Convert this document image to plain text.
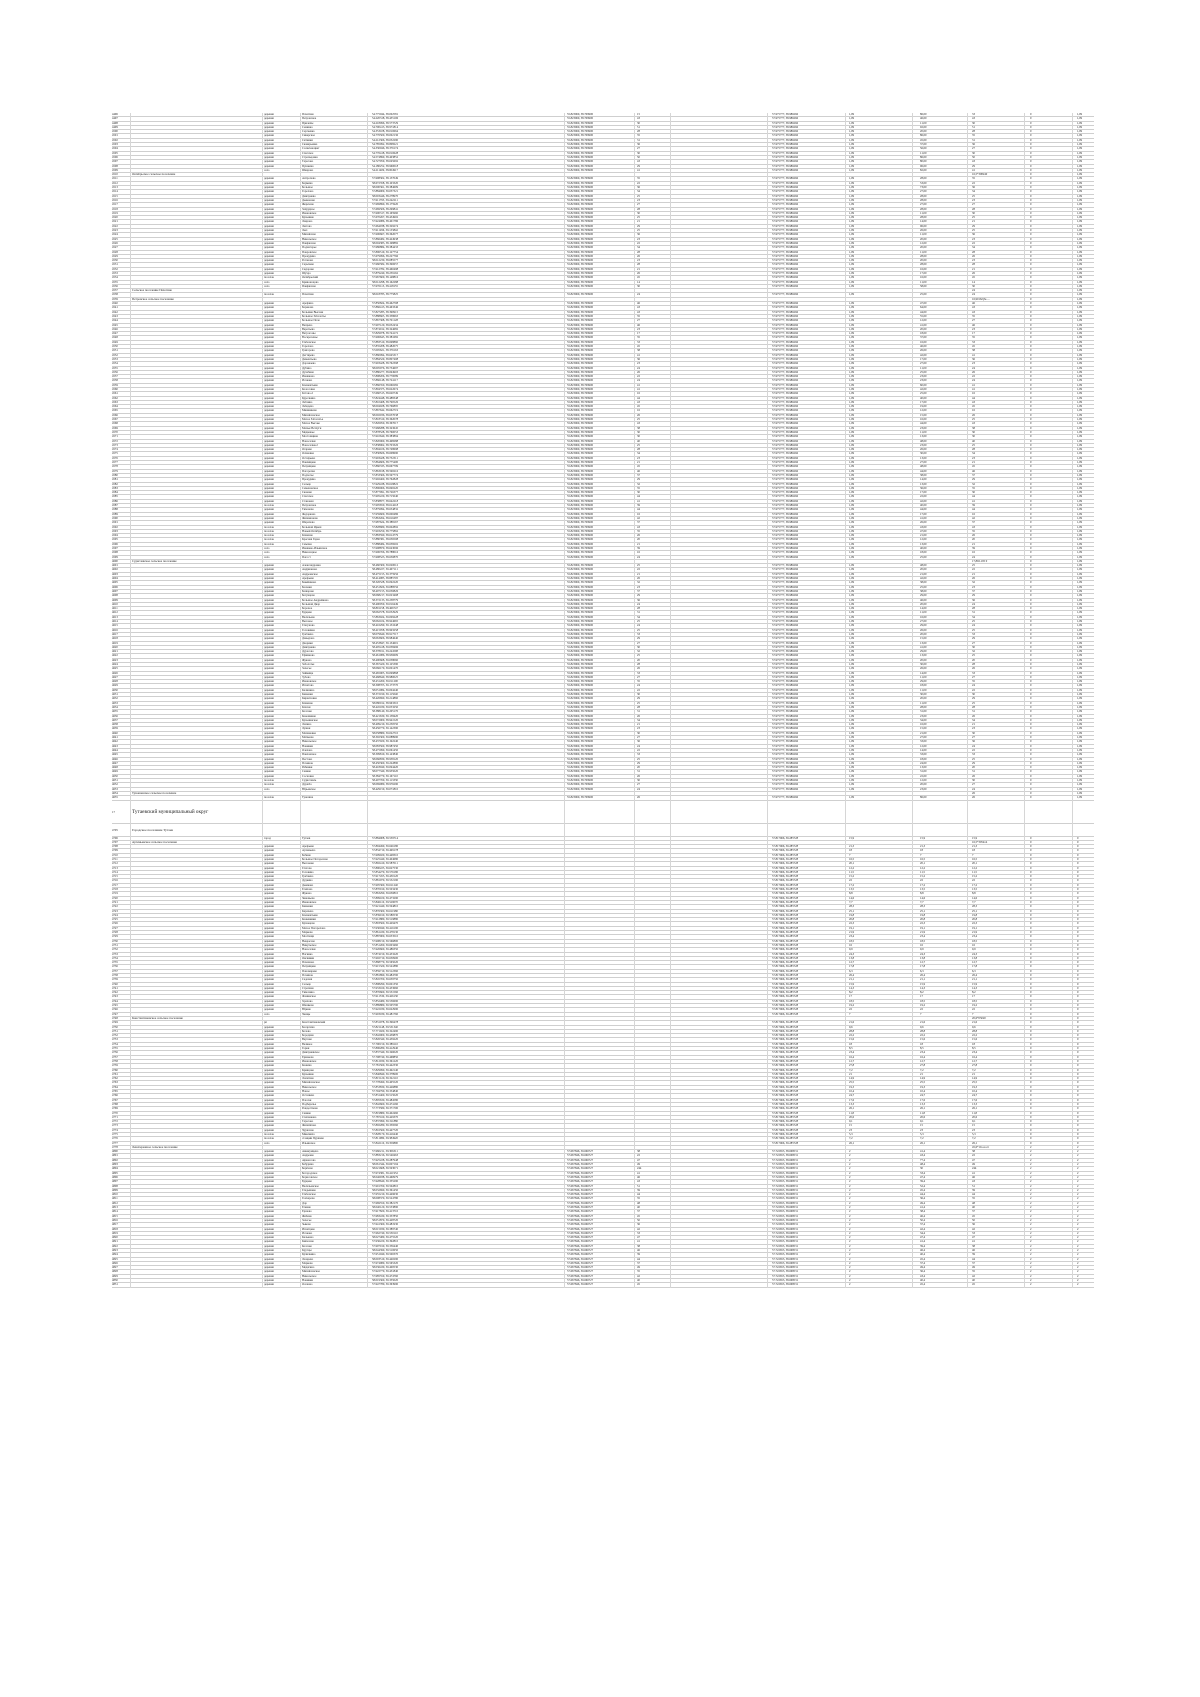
4496	деревня	Пахотино	54.775044, 38.002581	55.823060, 38.709900	15	57.975777, 38.986266	1,09	86,00	33	0	1,09
4497	деревня	Петровское	54.220318, 38.435106	55.823060, 38.709900	43	57.975777, 38.986266	1,09	46,00	43	0	1,09
4498	деревня	Прилепы	54.218096, 38.573729	55.823060, 38.709900	30	57.975777, 38.986266	1,09	11,00	30	0	1,09
4499	деревня	Сенинка	54.700413, 38.971814	55.823060, 38.709900	51	57.975777, 38.986266	1,09	92,00	51	0	1,09
4500	деревня	Сергеевка	54.353108, 38.010664	55.823060, 38.709900	28	57.975777, 38.986266	1,09	20,00	28	0	1,09
4501	деревня	Сиверское	54.776500, 38.002136	55.823060, 38.709900	35	57.975777, 38.986266	1,09	86,00	35	0	1,09
4502	деревня	Ситники	54.212366, 38.032290	55.823060, 38.709900	31	57.975777, 38.986266	1,09	45,00	31	0	1,09
4503	деревня	Скаварьевка	54.785092, 38.808221	55.823060, 38.709900	36	57.975777, 38.986266	1,09	37,00	36	0	1,09
4504	деревня	Солнечноцвет	54.330046, 38.376174	55.823060, 38.709900	27	57.975777, 38.986266	1,09	56,00	27	0	1,09
4505	деревня	Спасское	54.776418, 38.010628	55.823060, 38.709900	30	57.975777, 38.986266	1,09	11,00	30	0	1,09
4506	деревня	Стрельцовка	54.574890, 38.403852	55.823060, 38.709900	50	57.975777, 38.986266	1,09	86,00	50	0	1,09
4507	деревня	Тарасово	54.727959, 38.045692	55.823060, 38.709900	43	57.975777, 38.986266	1,09	80,00	43	0	1,09
4508	деревня	Пушкино	54.180252, 38.960018	55.823060, 38.709900	29	57.975777, 38.986266	1,09	96,00	29	0	1,09
4509	село	Шаврово	54.211409, 38.004917	55.823060, 38.709900	41	57.975777, 38.986266	1,09	82,00	41	0	1,09
4510	Октябрьское сельское поселение	16,5*308240	0	1,09
4511	деревня	Антропово	57.998302, 38.157049	55.823060, 38.709900	35	57.975777, 38.986266	1,09	28,00	35	0	1,09
4512	деревня	Бармино	58.672358, 38.103320	55.823060, 38.709900	22	57.975777, 38.986266	1,09	53,00	22	0	1,09
4513	деревня	Большое	58.000361, 38.384609	55.823060, 38.709900	36	57.975777, 38.986266	1,09	73,00	36	0	1,09
4514	деревня	Горелово	57.884009, 39.037321	55.823060, 38.709900	34	57.975777, 38.986266	1,09	27,00	34	0	1,09
4515	деревня	Дмитриево	58.003446, 38.278970	55.823060, 38.709900	25	57.975777, 38.986266	1,09	28,00	25	0	1,09
4516	деревня	Дьяконово	57.911793, 39.242211	55.823060, 38.709900	23	57.975777, 38.986266	1,09	28,00	23	0	1,09
4517	деревня	Жерехово	57.969890, 38.175920	55.823060, 38.709900	27	57.975777, 38.986266	1,09	27,00	27	0	1,09
4518	деревня	Запрудное	57.669506, 38.299841	55.823060, 38.709900	28	57.975777, 38.986266	1,09	28,00	28	0	1,09
4519	деревня	Ивановское	57.900317, 38.165960	55.823060, 38.709900	30	57.975777, 38.986266	1,09	11,00	30	0	1,09
4520	деревня	Кузьмино	57.670267, 38.434902	55.823060, 38.709900	25	57.975777, 38.986266	1,09	28,00	25	0	1,09
4521	деревня	Лаврово	57.924086, 38.401786	55.823060, 38.709900	21	57.975777, 38.986266	1,09	14,00	21	0	1,09
4522	деревня	Лютово	57.664038, 38.329274	55.823060, 38.709900	29	57.975777, 38.986266	1,09	96,00	29	0	1,09
4523	деревня	Лыч	57.911296, 39.133842	55.823060, 38.709900	25	57.975777, 38.986266	1,09	26,00	25	0	1,09
4524	деревня	Михайлово	57.906667, 38.362077	55.823060, 38.709900	36	57.975777, 38.986266	1,09	11,00	36	0	1,09
4525	деревня	Никольское	57.866482, 38.424938	55.823060, 38.709900	23	57.975777, 38.986266	1,09	20,00	23	0	1,09
4526	деревня	Панфилово	58.004383, 38.198882	55.823060, 38.709900	22	57.975777, 38.986266	1,09	12,00	22	0	1,09
4527	деревня	Поднагорье	57.986884, 38.384433	55.823060, 38.709900	34	57.975777, 38.986266	1,09	20,00	34	0	1,09
4528	деревня	Покровское	57.896519, 39.127754	55.823060, 38.709900	28	57.975777, 38.986266	1,09	11,00	28	0	1,09
4529	деревня	Прокудино	57.679096, 38.227766	55.823060, 38.709900	26	57.975777, 38.986266	1,09	28,00	26	0	1,09
4530	деревня	Роганово	58.012230, 38.085577	55.823060, 38.709900	23	57.975777, 38.986266	1,09	20,00	23	0	1,09
4531	деревня	Сарычево	57.960582, 38.390657	55.823060, 38.709900	28	57.975777, 38.986266	1,09	28,00	28	0	1,09
4532	деревня	Сидорово	57.912782, 38.460498	55.823060, 38.709900	21	57.975777, 38.986266	1,09	16,00	21	0	1,09
4533	деревня	Шухра	57.879240, 38.259162	55.823060, 38.709900	26	57.975777, 38.986266	1,09	17,00	26	0	1,09
4534	поселок	Октябрьский	57.967600, 38.148816	55.823060, 38.709900	45	57.975777, 38.986266	1,09	16,00	45	0	1,09
4535	село	Кривоноцово	58.012298, 38.162288	55.823060, 38.709900	14	57.975777, 38.986266	1,09	11,00	14	0	1,09
4536	село	Панфилово	57.976113, 38.418155	55.823060, 38.709900	30	57.975777, 38.986266	1,09	58,00	30	0	1,09
4537	Сельское поселение Пахотино	24	0	1,09
4538	поселок	Пахотино	58.018785, 38.775825	55.823060, 38.709900	24	57.975777, 38.986266	1,09	25,00	24	0	1,09
4539	Петровское сельское поселение	16,90162(№ ...	0	1,09
4540	деревня	Арефино	57.850824, 38.462708	55.823060, 38.709900	46	57.975777, 38.986266	1,09	47,00	46	0	1,09
4541	деревня	Баранова	57.866413, 38.463346	55.823060, 38.709900	43	57.975777, 38.986266	1,09	64,00	43	0	1,09
4542	деревня	Большие Высоки	57.827285, 38.390915	55.823060, 38.709900	43	57.975777, 38.986266	1,09	44,00	43	0	1,09
4543	деревня	Большое Заболотье	57.888665, 38.338663	55.823060, 38.709900	35	57.975777, 38.986266	1,09	55,00	35	0	1,09
4544	деревня	Большое Поле	57.867368, 38.701128	55.823060, 38.709900	27	57.975777, 38.986266	1,09	12,00	27	0	1,09
4545	деревня	Вепрево	57.997120, 38.032434	55.823060, 38.709900	46	57.975777, 38.986266	1,09	41,00	46	0	1,09
4546	деревня	Веретьево	57.874912, 38.344682	55.823060, 38.709900	23	57.975777, 38.986266	1,09	20,00	23	0	1,09
4547	деревня	Ветрогоны	57.829078, 38.744172	55.823060, 38.709900	17	57.975777, 38.986266	1,09	18,00	17	0	1,09
4548	деревня	Воскресенье	57.906645, 38.381682	55.823060, 38.709900	35	57.975777, 38.986266	1,09	37,00	35	0	1,09
4549	деревня	Глебовское	57.883510, 38.698860	55.823060, 38.709900	33	57.975777, 38.986266	1,09	16,00	33	0	1,09
4550	деревня	Горелово	57.835208, 38.482075	55.823060, 38.709900	45	57.975777, 38.986266	1,09	46,00	45	0	1,09
4551	деревня	Григорово	57.095621, 38.376163	55.823060, 38.709900	38	57.975777, 38.986266	1,09	26,00	38	0	1,09
4552	деревня	Дегтярево	57.860094, 38.645317	55.823060, 38.709900	41	57.975777, 38.986266	1,09	42,00	41	0	1,09
4553	деревня	Дементьево	57.884529, 38.807408	55.823060, 38.709900	36	57.975777, 38.986266	1,09	17,00	36	0	1,09
4554	деревня	Дорожаево	57.903428, 38.762398	55.823060, 38.709900	23	57.975777, 38.986266	1,09	27,00	23	0	1,09
4555	деревня	Дубино	58.005076, 38.734697	55.823060, 38.709900	24	57.975777, 38.986266	1,09	11,00	24	0	1,09
4556	деревня	Дулебино	57.880277, 38.694903	55.823060, 38.709900	26	57.975777, 38.986266	1,09	25,00	26	0	1,09
4557	деревня	Ивашково	57.898206, 38.770089	55.823060, 38.709900	22	57.975777, 38.986266	1,09	23,00	22	0	1,09
4558	деревня	Исаково	57.866148, 38.724117	55.823060, 38.709900	24	57.975777, 38.986266	1,09	23,00	24	0	1,09
4559	деревня	Клементьево	57.866350, 38.660282	55.823060, 38.709900	41	57.975777, 38.986266	1,09	60,00	41	0	1,09
4560	деревня	Колосовка	57.894375, 38.622674	55.823060, 38.709900	41	57.975777, 38.986266	1,09	42,00	41	0	1,09
4561	деревня	Кстово-2	57.660515, 38.620749	55.823060, 38.709900	16	57.975777, 38.986266	1,09	25,00	16	0	1,09
4562	деревня	Курочкино	57.824448, 38.488348	55.823060, 38.709900	44	57.975777, 38.986266	1,09	40,00	44	0	1,09
4563	деревня	Лебзино	57.810468, 38.790526	55.823060, 38.709900	43	57.975777, 38.986266	1,09	17,00	43	0	1,09
4564	деревня	Лебедево	58.004028, 38.766895	55.823060, 38.709900	45	57.975777, 38.986266	1,09	19,00	45	0	1,09
4565	деревня	Мишинково	57.867642, 38.662719	55.823060, 38.709900	16	57.975777, 38.986266	1,09	12,00	16	0	1,09
4566	деревня	Михайловское	58.002036, 38.637038	55.823060, 38.709900	26	57.975777, 38.986266	1,09	15,00	26	0	1,09
4567	деревня	Малое Заболотье	57.818310, 38.362078	55.823060, 38.709900	25	57.975777, 38.986266	1,09	16,00	25	0	1,09
4568	деревня	Малое Высоко	57.826050, 38.367017	55.823060, 38.709900	43	57.975777, 38.986266	1,09	44,00	43	0	1,09
4569	деревня	Малые Ветлуги	57.968288, 38.343645	55.823060, 38.709900	38	57.975777, 38.986266	1,09	23,00	38	0	1,09
4570	деревня	Медвежье	57.878528, 38.760053	55.823060, 38.709900	30	57.975777, 38.986266	1,09	11,00	30	0	1,09
4571	деревня	Мостовщина	57.910640, 38.383894	55.823060, 38.709900	30	57.975777, 38.986266	1,09	13,00	30	0	1,09
4572	деревня	Новоселки	57.820060, 38.498288	55.823060, 38.709900	40	57.975777, 38.986266	1,09	48,00	40	0	1,09
4573	деревня	Новоселки-2	57.838062, 38.703326	55.823060, 38.709900	25	57.975777, 38.986266	1,09	23,00	25	0	1,09
4574	деревня	Огарево	57.894106, 38.748698	55.823060, 38.709900	28	57.975777, 38.986266	1,09	26,00	28	0	1,09
4575	деревня	Осиновка	57.830826, 38.608690	55.823060, 38.709900	34	57.975777, 38.986266	1,09	30,00	34	0	1,09
4576	деревня	Остафьево	57.903428, 38.752311	55.823060, 38.709900	23	57.975777, 38.986266	1,09	13,00	23	0	1,09
4577	деревня	Павлищево	57.864606, 38.775400	55.823060, 38.709900	21	57.975777, 38.986266	1,09	27,00	21	0	1,09
4578	деревня	Петрищево	57.860335, 38.667799	55.823060, 38.709900	45	57.975777, 38.986266	1,09	48,00	45	0	1,09
4579	деревня	Погорелка	57.863918, 38.590216	55.823060, 38.709900	46	57.975777, 38.986266	1,09	44,00	46	0	1,09
4580	деревня	Подлесье	57.833366, 38.597774	55.823060, 38.709900	37	57.975777, 38.986266	1,09	38,00	37	0	1,09
4581	деревня	Прокудино	57.902460, 38.762828	55.823060, 38.709900	29	57.975777, 38.986266	1,09	14,00	29	0	1,09
4582	деревня	Сельцо	57.929438, 38.618822	55.823060, 38.709900	32	57.975777, 38.986266	1,09	13,00	32	0	1,09
4583	деревня	Семеновское	57.896066, 38.690220	55.823060, 38.709900	35	57.975777, 38.986266	1,09	36,00	35	0	1,09
4584	деревня	Скоково	57.877991, 38.726377	55.823060, 38.709900	30	57.975777, 38.986266	1,09	17,00	30	0	1,09
4585	деревня	Спасское	57.905220, 38.715040	55.823060, 38.709900	44	57.975777, 38.986266	1,09	22,00	44	0	1,09
4586	деревня	Становая	57.838877, 38.642218	55.823060, 38.709900	41	57.975777, 38.986266	1,09	42,00	41	0	1,09
4587	поселок	Петровское	57.995650, 38.614218	55.823060, 38.709900	39	57.975777, 38.986266	1,09	40,00	39	0	1,09
4588	деревня	Тихоново	57.879094, 38.654832	55.823060, 38.709900	44	57.975777, 38.986266	1,09	44,00	44	0	1,09
4589	деревня	Федорково	57.959609, 38.600486	55.823060, 38.709900	16	57.975777, 38.986266	1,09	17,00	16	0	1,09
4590	деревня	Филимоново	57.863264, 38.616487	55.823060, 38.709900	42	57.975777, 38.986266	1,09	41,00	42	0	1,09
4591	деревня	Шарапово	57.987624, 38.388167	55.823060, 38.709900	37	57.975777, 38.986266	1,09	26,00	37	0	1,09
4592	поселок	Большой Ярыш	57.828680, 38.602892	55.823060, 38.709900	43	57.975777, 38.986266	1,09	43,00	43	0	1,09
4593	поселок	Новый Октябрь	57.903250, 38.775862	55.823060, 38.709900	35	57.975777, 38.986266	1,09	47,00	35	0	1,09
4594	поселок	Климово	57.883590, 38.614779	55.823060, 38.709900	26	57.975777, 38.986266	1,09	21,00	26	0	1,09
4595	поселок	Красная Горка	57.880381, 38.656508	55.823060, 38.709900	20	57.975777, 38.986266	1,09	12,00	20	0	1,09
4596	поселок	Смычка	57.888484, 38.658202	55.823060, 38.709900	21	57.975777, 38.986266	1,09	13,00	21	0	1,09
4597	село	Ивашево-Ильинское	57.998870, 38.643096	55.823060, 38.709900	39	57.975777, 38.986266	1,09	40,00	39	0	1,09
4598	село	Николоцкое	57.906766, 38.788016	55.823060, 38.709900	16	57.975777, 38.986266	1,09	18,00	16	0	1,09
4599	село	Погост	57.998523, 38.630870	55.823060, 38.709900	24	57.975777, 38.986266	1,09	25,00	24	0	1,09
4600	Судиславское сельское поселение	17,802.195 0	0	1,09
4601	деревня	Александровка	58.460309, 39.020012	55.823060, 38.709900	25	57.975777, 38.986266	1,09	48,00	25	0	1,09
4602	деревня	Андрианово	58.480227, 39.407111	55.823060, 38.709900	22	57.975777, 38.986266	1,09	20,00	22	0	1,09
4603	деревня	Андреевское	58.475155, 39.375956	55.823060, 38.709900	21	57.975777, 38.986266	1,09	21,00	21	0	1,09
4604	деревня	Арефьево	58.414085, 38.885705	55.823060, 38.709900	26	57.975777, 38.986266	1,09	42,00	26	0	1,09
4605	деревня	Бакейнково	58.326528, 39.092220	55.823060, 38.709900	32	57.975777, 38.986266	1,09	38,00	32	0	1,09
4606	деревня	Баскаки	58.451826, 39.088556	55.823060, 38.709900	23	57.975777, 38.986266	1,09	25,00	23	0	1,09
4607	деревня	Башарово	58.407155, 39.050826	55.823060, 38.709900	37	57.975777, 38.986266	1,09	38,00	37	0	1,09
4608	деревня	Бегунцово	58.068217, 39.023408	55.823060, 38.709900	29	57.975777, 38.986266	1,09	29,00	29	0	1,09
4609	деревня	Большое Андрейково	58.372133, 39.238779	55.823060, 38.709900	36	57.975777, 38.986266	1,09	46,00	36	0	1,09
4610	деревня	Большой Двор	58.490059, 39.016449	55.823060, 38.709900	24	57.975777, 38.986266	1,09	20,00	24	0	1,09
4611	деревня	Боровое	58.891158, 38.466747	55.823060, 38.709900	28	57.975777, 38.986266	1,09	14,00	28	0	1,09
4612	деревня	Бурцево	58.062578, 39.052929	55.823060, 38.709900	31	57.975777, 38.986266	1,09	11,00	31	0	1,09
4613	деревня	Васильево	57.863924, 39.009228	55.823060, 38.709900	34	57.975777, 38.986266	1,09	16,00	34	0	1,09
4614	деревня	Высокое	58.062104, 38.924665	55.823060, 38.709900	25	57.975777, 38.986266	1,09	27,00	25	0	1,09
4615	деревня	Глазуново	58.416299, 39.131648	55.823060, 38.709900	24	57.975777, 38.986266	1,09	29,00	24	0	1,09
4616	деревня	Головинка	58.415058, 38.993258	55.823060, 38.709900	25	57.975777, 38.986266	1,09	26,00	25	0	1,09
4617	деревня	Гребнево	58.079640, 38.917517	55.823060, 38.709900	33	57.975777, 38.986266	1,09	20,00	33	0	1,09
4618	деревня	Давыдово	58.063606, 38.984640	55.823060, 38.709900	29	57.975777, 38.986266	1,09	15,00	29	0	1,09
4619	деревня	Дворики	58.453847, 39.134601	55.823060, 38.709900	27	57.975777, 38.986266	1,09	13,00	27	0	1,09
4620	деревня	Дмитриево	58.405418, 39.038496	55.823060, 38.709900	30	57.975777, 38.986266	1,09	41,00	30	0	1,09
4621	деревня	Дурасово	58.378011, 39.244598	55.823060, 38.709900	32	57.975777, 38.986266	1,09	29,00	32	0	1,09
4622	деревня	Ефимково	58.461086, 38.936609	55.823060, 38.709900	25	57.975777, 38.986266	1,09	13,00	25	0	1,09
4623	деревня	Жуково	58.400668, 39.038060	55.823060, 38.709900	20	57.975777, 38.986266	1,09	20,00	20	0	1,09
4624	деревня	Заболотье	58.367420, 39.125390	55.823060, 38.709900	28	57.975777, 38.986266	1,09	30,00	28	0	1,09
4625	деревня	Залесье	58.066170, 39.001470	55.823060, 38.709900	26	57.975777, 38.986266	1,09	26,00	26	0	1,09
4626	деревня	Займище	58.465005, 39.099868	55.823060, 38.709900	33	57.975777, 38.986266	1,09	14,00	33	0	1,09
4627	деревня	Зубово	58.468640, 38.980025	55.823060, 38.709900	27	57.975777, 38.986266	1,09	11,00	27	0	1,09
4628	деревня	Ивановское	58.431260, 39.011200	55.823060, 38.709900	35	57.975777, 38.986266	1,09	29,00	35	0	1,09
4629	деревня	Игнатово	58.398705, 39.173770	55.823060, 38.709900	24	57.975777, 38.986266	1,09	18,00	24	0	1,09
4630	деревня	Калинино	58.051084, 39.004240	55.823060, 38.709900	22	57.975777, 38.986266	1,09	11,00	22	0	1,09
4631	деревня	Каменки	58.372190, 39.115040	55.823060, 38.709900	30	57.975777, 38.986266	1,09	30,00	30	0	1,09
4632	деревня	Кирилловка	58.426690, 39.214860	55.823060, 38.709900	29	57.975777, 38.986266	1,09	20,00	29	0	1,09
4633	деревня	Климово	58.080012, 38.963310	55.823060, 38.709900	25	57.975777, 38.986266	1,09	11,00	25	0	1,09
4634	деревня	Ключи	58.445180, 39.053250	55.823060, 38.709900	28	57.975777, 38.986266	1,09	28,00	28	0	1,09
4635	деревня	Козлово	58.388140, 39.205170	55.823060, 38.709900	31	57.975777, 38.986266	1,09	31,00	31	0	1,09
4636	деревня	Кокошкино	58.421630, 39.158420	55.823060, 38.709900	26	57.975777, 38.986266	1,09	23,00	26	0	1,09
4637	деревня	Кузьминское	58.072900, 38.941520	55.823060, 38.709900	34	57.975777, 38.986266	1,09	34,00	34	0	1,09
4638	деревня	Лапино	58.409210, 39.230550	55.823060, 38.709900	21	57.975777, 38.986266	1,09	16,00	21	0	1,09
4639	деревня	Лужки	58.456770, 39.142390	55.823060, 38.709900	23	57.975777, 38.986266	1,09	15,00	23	0	1,09
4640	деревня	Малиновка	58.058880, 39.022710	55.823060, 38.709900	30	57.975777, 38.986266	1,09	21,00	30	0	1,09
4641	деревня	Матвеево	58.392300, 39.088990	55.823060, 38.709900	27	57.975777, 38.986266	1,09	27,00	27	0	1,09
4642	деревня	Никольское	58.437020, 39.192240	55.823060, 38.709900	36	57.975777, 38.986266	1,09	33,00	36	0	1,09
4643	деревня	Новинки	58.083560, 38.987450	55.823060, 38.709900	24	57.975777, 38.986266	1,09	12,00	24	0	1,09
4644	деревня	Олехово	58.475090, 39.061450	55.823060, 38.709900	22	57.975777, 38.986266	1,09	14,00	22	0	1,09
4645	деревня	Павловское	58.399810, 39.143840	55.823060, 38.709900	33	57.975777, 38.986266	1,09	33,00	33	0	1,09
4646	деревня	Пестово	58.066830, 38.958120	55.823060, 38.709900	25	57.975777, 38.986266	1,09	18,00	25	0	1,09
4647	деревня	Починок	58.450360, 39.222890	55.823060, 38.709900	29	57.975777, 38.986266	1,09	24,00	29	0	1,09
4648	деревня	Рябинки	58.418040, 39.094420	55.823060, 38.709900	20	57.975777, 38.986266	1,09	13,00	20	0	1,09
4649	деревня	Савино	58.077340, 38.935020	55.823060, 38.709900	31	57.975777, 38.986266	1,09	31,00	31	0	1,09
4650	деревня	Сосновка	58.384770, 39.167110	55.823060, 38.709900	26	57.975777, 38.986266	1,09	22,00	26	0	1,09
4651	поселок	Судиславль	58.407760, 39.113330	55.823060, 38.709900	30	57.975777, 38.986266	1,09	12,00	30	0	1,09
4652	поселок	Дружба	58.069980, 38.976290	55.823060, 38.709900	27	57.975777, 38.986266	1,09	20,00	27	0	1,09
4653	село	Юрьевское	58.429150, 39.071810	55.823060, 38.709900	24	57.975777, 38.986266	1,09	23,00	24	0	1,09
4654	Туношенское сельское поселение	26	0	1,09
4655	поселок	Туношна	55.823060, 38.709900	26	57.975777, 38.986266	1,09	86,00	26	0	1,09
17	Тутаевский муниципальный округ
4705	Городское поселение Тутаев
4706	город	Тутаев	57.884008, 39.539714	57.817966, 39.285728	15,9	15,9	15,9	0	0
4707	Артемьевское сельское поселение	16,5*305414	0	0
4708	деревня	Арефьево	57.894490, 39.646180	57.817966, 39.285728	21,3	21,3	21,3	0	0
4709	деревня	Артемьево	57.834710, 39.499178	57.817966, 39.285728	18	18	18	0	0
4710	деревня	Бабино	57.909020, 39.448310	57.817966, 39.285728	7	7	7	0	0
4711	деревня	Большое Погорелово	57.925440, 39.404680	57.817966, 39.285728	16,5	16,5	16,5	0	0
4712	деревня	Высоково	57.892410, 39.587011	57.817966, 39.285728	20,1	20,1	20,1	0	0
4713	деревня	Глотово	57.890225, 39.627530	57.817966, 39.285728	12,2	12,2	12,2	0	0
4714	деревня	Головино	57.854270, 39.576180	57.817966, 39.285728	11,5	11,5	11,5	0	0
4715	деревня	Гребнево	57.917455, 39.450120	57.817966, 39.285728	15,2	15,2	15,2	0	0
4716	деревня	Дудкино	57.881070, 39.552190	57.817966, 39.285728	22	22	22	0	0
4717	деревня	Дымково	57.905360, 39.611240	57.817966, 39.285728	17,2	17,2	17,2	0	0
4718	деревня	Есипово	57.870910, 39.503430	57.817966, 39.285728	13,5	13,5	13,5	0	0
4719	деревня	Жуково	57.863290, 39.630810	57.817966, 39.285728	8,8	8,8	8,8	0	0
4720	деревня	Зиновьево	57.899100, 39.473290	57.817966, 39.285728	14,6	14,6	14,6	0	0
4721	деревня	Ивановское	57.846110, 39.529070	57.817966, 39.285728	7,7	7,7	7,7	0	0
4722	деревня	Каменки	57.921440, 39.594810	57.817966, 39.285728	28,3	28,3	28,3	0	0
4723	деревня	Карачево	57.876300, 39.611980	57.817966, 39.285728	25,1	25,1	25,1	0	0
4724	деревня	Клементьево	57.839010, 39.580530	57.817966, 39.285728	19,8	19,8	19,8	0	0
4725	деревня	Кожевники	57.912880, 39.519880	57.817966, 39.285728	20,8	20,8	20,8	0	0
4726	деревня	Кузнецово	57.893560, 39.429470	57.817966, 39.285728	22,3	22,3	22,3	0	0
4727	деревня	Малое Погорелово	57.930040, 39.416190	57.817966, 39.285728	19,1	19,1	19,1	0	0
4728	деревня	Марково	57.861430, 39.478130	57.817966, 39.285728	21,9	21,9	21,9	0	0
4729	деревня	Мостищи	57.887900, 39.653510	57.817966, 39.285728	23,4	23,4	23,4	0	0
4730	деревня	Некрасово	57.908150, 39.566800	57.817966, 39.285728	18,5	18,5	18,5	0	0
4731	деревня	Никульское	57.851260, 39.603460	57.817966, 39.285728	16	16	16	0	0
4732	деревня	Новоселки	57.926660, 39.486350	57.817966, 39.285728	9,9	9,9	9,9	0	0
4733	деревня	Ногинка	57.874150, 39.453220	57.817966, 39.285728	24,3	24,3	24,3	0	0
4734	деревня	Овсяники	57.902710, 39.630900	57.817966, 39.285728	13,8	13,8	13,8	0	0
4735	деревня	Пахомово	57.868770, 39.565020	57.817966, 39.285728	12,7	12,7	12,7	0	0
4736	деревня	Петрищево	57.915320, 39.541880	57.817966, 39.285728	17,8	17,8	17,8	0	0
4737	деревня	Пономарево	57.859710, 39.512360	57.817966, 39.285728	6,3	6,3	6,3	0	0
4738	деревня	Починок	57.881890, 39.484790	57.817966, 39.285728	26,4	26,4	26,4	0	0
4739	деревня	Садовая	57.845700, 39.639750	57.817966, 39.285728	21,1	21,1	21,1	0	0
4740	деревня	Сельцо	57.898290, 39.601350	57.817966, 39.285728	15,9	15,9	15,9	0	0
4741	деревня	Стрелино	57.933160, 39.453660	57.817966, 39.285728	14,3	14,3	14,3	0	0
4742	деревня	Тимохино	57.876660, 39.531560	57.817966, 39.285728	8,2	8,2	8,2	0	0
4743	деревня	Фоминское	57.911530, 39.426130	57.817966, 39.285728	17	17	17	0	0
4744	деревня	Храпово	57.852480, 39.556690	57.817966, 39.285728	18,5	18,5	18,5	0	0
4745	деревня	Шашково	57.889880, 39.505790	57.817966, 39.285728	19,2	19,2	19,2	0	0
4746	деревня	Юрино	57.922180, 39.622990	57.817966, 39.285728	22	22	22	0	0
4747	село	Ченцы	57.903180, 39.481760	57.817966, 39.285728	7	7	7	0	0
4748	Константиновское сельское поселение	20,6*05020	0	0
4749	рп	Константиновский	57.831078, 39.396478	57.817966, 39.285728	21,6	21,6	21,6	0	0
4750	деревня	Басаргино	57.821148, 39.531340	57.817966, 39.285728	9,6	9,6	9,6	0	0
4751	деревня	Белово	57.771920, 39.322490	57.817966, 39.285728	28,8	28,8	28,8	0	0
4752	деревня	Бородино	57.842000, 39.439870	57.817966, 39.285728	22,2	22,2	22,2	0	0
4753	деревня	Ваулово	57.826340, 39.459220	57.817966, 39.285728	15,6	15,6	15,6	0	0
4754	деревня	Великое	57.790150, 39.389110	57.817966, 39.285728	18	18	18	0	0
4755	деревня	Горки	57.806280, 39.412940	57.817966, 39.285728	8,5	8,5	8,5	0	0
4756	деревня	Дмитриевское	57.837340, 39.346020	57.817966, 39.285728	23,4	23,4	23,4	0	0
4757	деревня	Ермаково	57.798740, 39.468850	57.817966, 39.285728	16,4	16,4	16,4	0	0
4758	деревня	Ивановское	57.812930, 39.361220	57.817966, 39.285728	12,7	12,7	12,7	0	0
4759	деревня	Кожино	57.781560, 39.442330	57.817966, 39.285728	27,8	27,8	27,8	0	0
4760	деревня	Кривцово	57.829990, 39.492140	57.817966, 39.285728	7,2	7,2	7,2	0	0
4761	деревня	Кузьмино	57.846840, 39.378900	57.817966, 39.285728	21	21	21	0	0
4762	деревня	Лопатино	57.815120, 39.322110	57.817966, 39.285728	14,9	14,9	14,9	0	0
4763	деревня	Михайловское	57.778490, 39.405520	57.817966, 39.285728	25,5	25,5	25,5	0	0
4764	деревня	Никольское	57.853830, 39.426880	57.817966, 39.285728	19,3	19,3	19,3	0	0
4765	деревня	Новое	57.794790, 39.354840	57.817966, 39.285728	10,4	10,4	10,4	0	0
4766	деревня	Осташево	57.831460, 39.515020	57.817966, 39.285728	24,7	24,7	24,7	0	0
4767	деревня	Плоски	57.805630, 39.484580	57.817966, 39.285728	17,6	17,6	17,6	0	0
4768	деревня	Подберезье	57.842660, 39.474160	57.817966, 39.285728	13,3	13,3	13,3	0	0
4769	деревня	Рождествено	57.773580, 39.371700	57.817966, 39.285728	26,1	26,1	26,1	0	0
4770	деревня	Савино	57.819880, 39.402460	57.817966, 39.285728	11,8	11,8	11,8	0	0
4771	деревня	Степанково	57.787160, 39.429370	57.817966, 39.285728	20,6	20,6	20,6	0	0
4772	деревня	Тарасово	57.837990, 39.311880	57.817966, 39.285728	9,1	9,1	9,1	0	0
4773	деревня	Филиппово	57.802280, 39.339560	57.817966, 39.285728	15	15	15	0	0
4774	деревня	Чурилово	57.816560, 39.447720	57.817966, 39.285728	23	23	23	0	0
4775	поселок	Микляиха	57.828170, 39.416440	57.817966, 39.285728	5,3	5,3	5,3	0	0
4776	поселок	станции Пуршево	57.811080, 39.384920	57.817966, 39.285728	7,2	7,2	7,2	0	0
4777	село	Ильинское	57.842110, 39.359800	57.817966, 39.285728	26,1	26,1	26,1	0	0
4778	Левобережное сельское поселение	45,6*10-oooct	2	2
4800	деревня	Аввакумцево	57.960211, 39.306311	57.667846, 39.666727	38	57.722653, 38.668531	2	41,4	38	2	2
4801	деревня	Андреево	57.883216, 39.540463	57.667846, 39.666727	22	57.722653, 38.668531	2	43,4	22	2	2
4802	деревня	Афанасово	57.925228, 39.287948	57.667846, 39.666727	47	57.722653, 38.668531	2	77,4	47	2	2
4803	деревня	Бабурино	58.061344, 39.607194	57.667846, 39.666727	49	57.722653, 38.668531	2	48,4	49	2	2
4804	деревня	Берёзово	58.021668, 39.593071	57.667846, 39.666727	244	57.722653, 38.668531	2	30	244	2	2
4805	деревня	Богородское	57.974381, 39.411952	57.667846, 39.666727	41	57.722653, 38.668531	2	33,4	41	2	2
4806	деревня	Борисовское	58.046938, 39.460979	57.667846, 39.666727	46	57.722653, 38.668531	2	47,4	46	2	2
4807	деревня	Бурцево	57.928640, 39.355290	57.667846, 39.666727	43	57.722653, 38.668531	2	39,4	43	2	2
4808	деревня	Васильевское	57.991760, 39.502810	57.667846, 39.666727	51	57.722653, 38.668531	2	52,4	51	2	2
4809	деревня	Гладышево	58.032690, 39.361450	57.667846, 39.666727	39	57.722653, 38.668531	2	45,4	39	2	2
4810	деревня	Глебовское	57.955210, 39.449630	57.667846, 39.666727	44	57.722653, 38.668531	2	44,4	44	2	2
4811	деревня	Гончарово	58.008370, 39.524780	57.667846, 39.666727	35	57.722653, 38.668531	2	36,4	35	2	2
4812	деревня	Дор	57.969550, 39.382170	57.667846, 39.666727	48	57.722653, 38.668531	2	49,4	48	2	2
4813	деревня	Ескино	58.040120, 39.553890	57.667846, 39.666727	40	57.722653, 38.668531	2	41,4	40	2	2
4814	деревня	Ершово	57.917820, 39.413710	57.667846, 39.666727	37	57.722653, 38.668531	2	38,4	37	2	2
4815	деревня	Жабино	57.983430, 39.337850	57.667846, 39.666727	45	57.722653, 38.668531	2	46,4	45	2	2
4816	деревня	Залесье	58.051870, 39.428720	57.667846, 39.666727	50	57.722653, 38.668531	2	50,4	50	2	2
4817	деревня	Зыково	57.941360, 39.481930	57.667846, 39.666727	36	57.722653, 38.668531	2	37,4	36	2	2
4818	деревня	Игнатцево	58.015930, 39.389740	57.667846, 39.666727	42	57.722653, 38.668531	2	42,4	42	2	2
4819	деревня	Исаково	57.962740, 39.530110	57.667846, 39.666727	33	57.722653, 38.668531	2	34,4	33	2	2
4820	деревня	Кальково	58.027480, 39.475520	57.667846, 39.666727	47	57.722653, 38.668531	2	47,4	47	2	2
4821	деревня	Кипелово	57.936220, 39.392810	57.667846, 39.666727	41	57.722653, 38.668531	2	41,4	41	2	2
4822	деревня	Козлово	57.997010, 39.356440	57.667846, 39.666727	38	57.722653, 38.668531	2	39,4	38	2	2
4823	деревня	Крутцы	58.044390, 39.510650	57.667846, 39.666727	46	57.722653, 38.668531	2	46,4	46	2	2
4824	деревня	Куличкино	57.951040, 39.500370	57.667846, 39.666727	39	57.722653, 38.668531	2	40,4	39	2	2
4825	деревня	Лазарево	58.003510, 39.440290	57.667846, 39.666727	44	57.722653, 38.668531	2	45,4	44	2	2
4826	деревня	Марково	57.974980, 39.565320	57.667846, 39.666727	37	57.722653, 38.668531	2	37,4	37	2	2
4827	деревня	Медягино	58.036430, 39.400530	57.667846, 39.666727	49	57.722653, 38.668531	2	49,4	49	2	2
4828	деревня	Михайловское	57.922770, 39.451840	57.667846, 39.666727	35	57.722653, 38.668531	2	36,4	35	2	2
4829	деревня	Никольское	57.985550, 39.474760	57.667846, 39.666727	42	57.722653, 38.668531	2	43,4	42	2	2
4830	деревня	Новинки	58.019360, 39.335020	57.667846, 39.666727	40	57.722653, 38.668531	2	40,4	40	2	2
4831	деревня	Осеново	57.947780, 39.363990	57.667846, 39.666727	45	57.722653, 38.668531	2	45,4	45	2	2
